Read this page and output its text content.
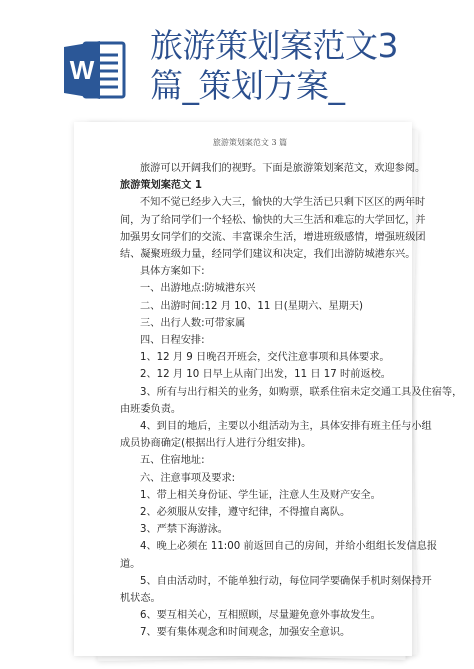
W
旅游策划案范文3
篇_策划方案_
旅游策划案范文 3 篇

旅游可以开阔我们的视野。下面是旅游策划案范文，欢迎参阅。

旅游策划案范文 1

不知不觉已经步入大三，愉快的大学生活已只剩下区区的两年时

间，为了给同学们一个轻松、愉快的大三生活和难忘的大学回忆，并

加强男女同学们的交流、丰富课余生活，增进班级感情，增强班级团

结、凝聚班级力量，经同学们建议和决定，我们出游防城港东兴。

具体方案如下:

一、出游地点:防城港东兴

二、出游时间:12 月 10、11 日(星期六、星期天)

三、出行人数:可带家属

四、日程安排:

1、12 月 9 日晚召开班会，交代注意事项和具体要求。

2、12 月 10 日早上从南门出发，11 日 17 时前返校。

3、所有与出行相关的业务，如购票，联系住宿未定交通工具及住宿等，

由班委负责。

4、到目的地后，主要以小组活动为主，具体安排有班主任与小组

成员协商确定(根据出行人进行分组安排)。

五、住宿地址:

六、注意事项及要求:

1、带上相关身份证、学生证，注意人生及财产安全。

2、必须服从安排，遵守纪律，不得擅自离队。

3、严禁下海游泳。

4、晚上必须在 11:00 前返回自己的房间，并给小组组长发信息报

道。

5、自由活动时，不能单独行动，每位同学要确保手机时刻保持开

机状态。

6、要互相关心，互相照顾，尽量避免意外事故发生。

7、要有集体观念和时间观念，加强安全意识。
